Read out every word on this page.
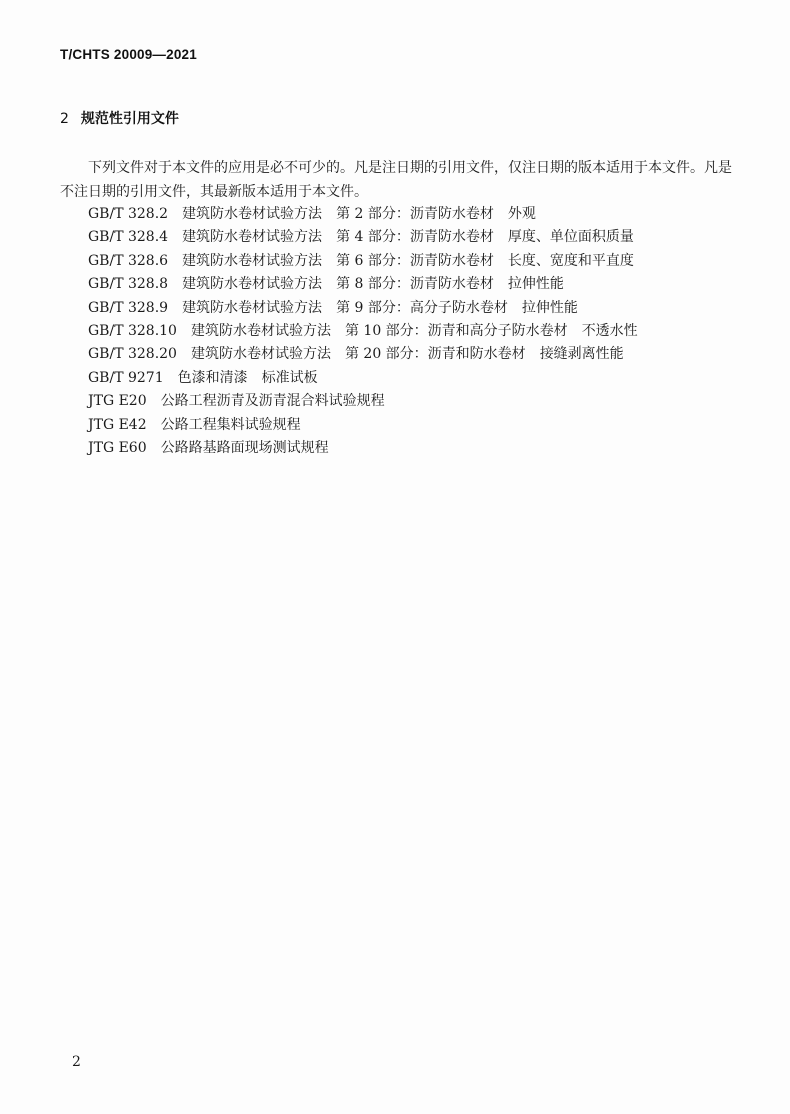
T/CHTS 20009—2021
2 规范性引用文件

下列文件对于本文件的应用是必不可少的。凡是注日期的引用文件，仅注日期的版本适用于本文件。凡是不注日期的引用文件，其最新版本适用于本文件。

GB/T 328.2 建筑防水卷材试验方法 第 2 部分：沥青防水卷材 外观
GB/T 328.4 建筑防水卷材试验方法 第 4 部分：沥青防水卷材 厚度、单位面积质量
GB/T 328.6 建筑防水卷材试验方法 第 6 部分：沥青防水卷材 长度、宽度和平直度
GB/T 328.8 建筑防水卷材试验方法 第 8 部分：沥青防水卷材 拉伸性能
GB/T 328.9 建筑防水卷材试验方法 第 9 部分：高分子防水卷材 拉伸性能
GB/T 328.10 建筑防水卷材试验方法 第 10 部分：沥青和高分子防水卷材 不透水性
GB/T 328.20 建筑防水卷材试验方法 第 20 部分：沥青和防水卷材 接缝剥离性能
GB/T 9271 色漆和清漆 标准试板
JTG E20 公路工程沥青及沥青混合料试验规程
JTG E42 公路工程集料试验规程
JTG E60 公路路基路面现场测试规程
2
